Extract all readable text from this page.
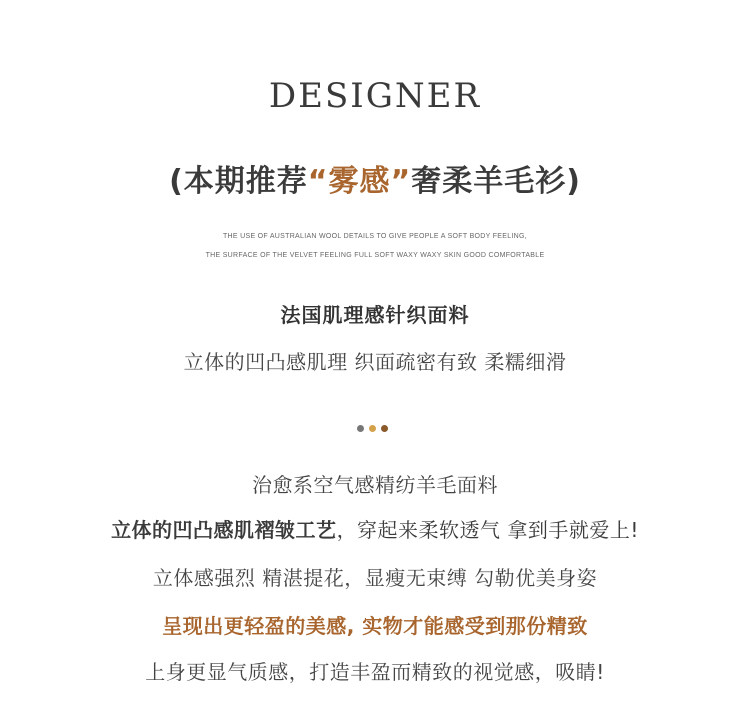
DESIGNER
(本期推荐“雾感”奢柔羊毛衫)

THE USE OF AUSTRALIAN WOOL DETAILS TO GIVE PEOPLE A SOFT BODY FEELING,

THE SURFACE OF THE VELVET FEELING FULL SOFT WAXY WAXY SKIN GOOD COMFORTABLE

法国肌理感针织面料

立体的凹凸感肌理 织面疏密有致 柔糯细滑

治愈系空气感精纺羊毛面料

立体的凹凸感肌褶皱工艺，穿起来柔软透气 拿到手就爱上!

立体感强烈 精湛提花，显瘦无束缚 勾勒优美身姿

呈现出更轻盈的美感, 实物才能感受到那份精致

上身更显气质感，打造丰盈而精致的视觉感，吸睛!
